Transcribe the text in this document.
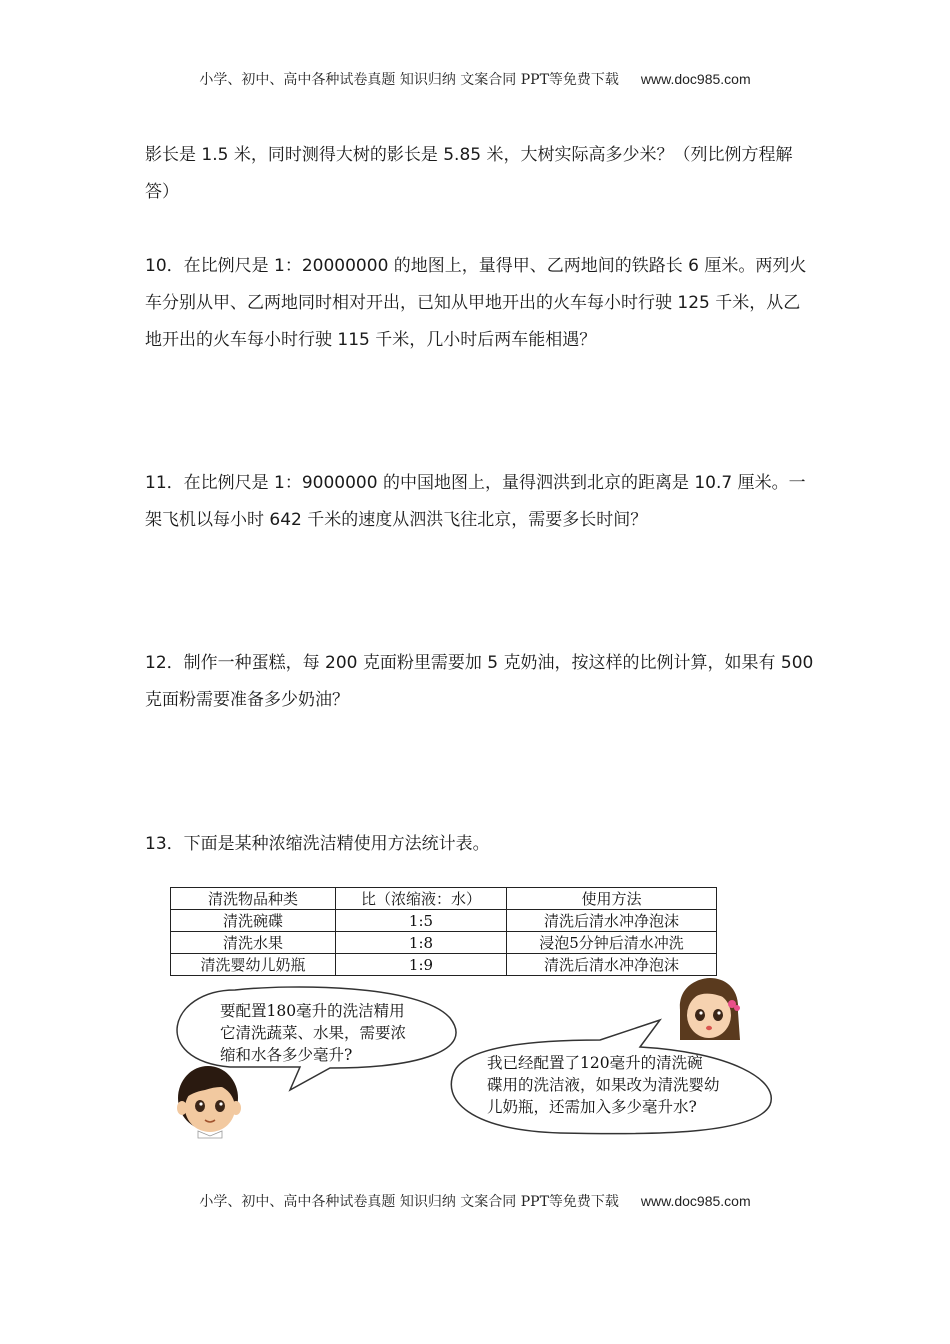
小学、初中、高中各种试卷真题 知识归纳 文案合同 PPT等免费下载 www.doc985.com
影长是 1.5 米，同时测得大树的影长是 5.85 米，大树实际高多少米？（列比例方程解答）
10．在比例尺是 1：20000000 的地图上，量得甲、乙两地间的铁路长 6 厘米。两列火车分别从甲、乙两地同时相对开出，已知从甲地开出的火车每小时行驶 125 千米，从乙地开出的火车每小时行驶 115 千米，几小时后两车能相遇？
11．在比例尺是 1：9000000 的中国地图上，量得泗洪到北京的距离是 10.7 厘米。一架飞机以每小时 642 千米的速度从泗洪飞往北京，需要多长时间？
12．制作一种蛋糕，每 200 克面粉里需要加 5 克奶油，按这样的比例计算，如果有 500 克面粉需要准备多少奶油？
13．下面是某种浓缩洗洁精使用方法统计表。
清洗物品种类	比（浓缩液：水）	使用方法
清洗碗碟	1:5	清洗后清水冲净泡沫
清洗水果	1:8	浸泡5分钟后清水冲洗
清洗婴幼儿奶瓶	1:9	清洗后清水冲净泡沫
要配置180毫升的洗洁精用
它清洗蔬菜、水果，需要浓
缩和水各多少毫升?	我已经配置了120毫升的清洗碗
碟用的洗洁液，如果改为清洗婴幼
儿奶瓶，还需加入多少毫升水?
小学、初中、高中各种试卷真题 知识归纳 文案合同 PPT等免费下载 www.doc985.com
